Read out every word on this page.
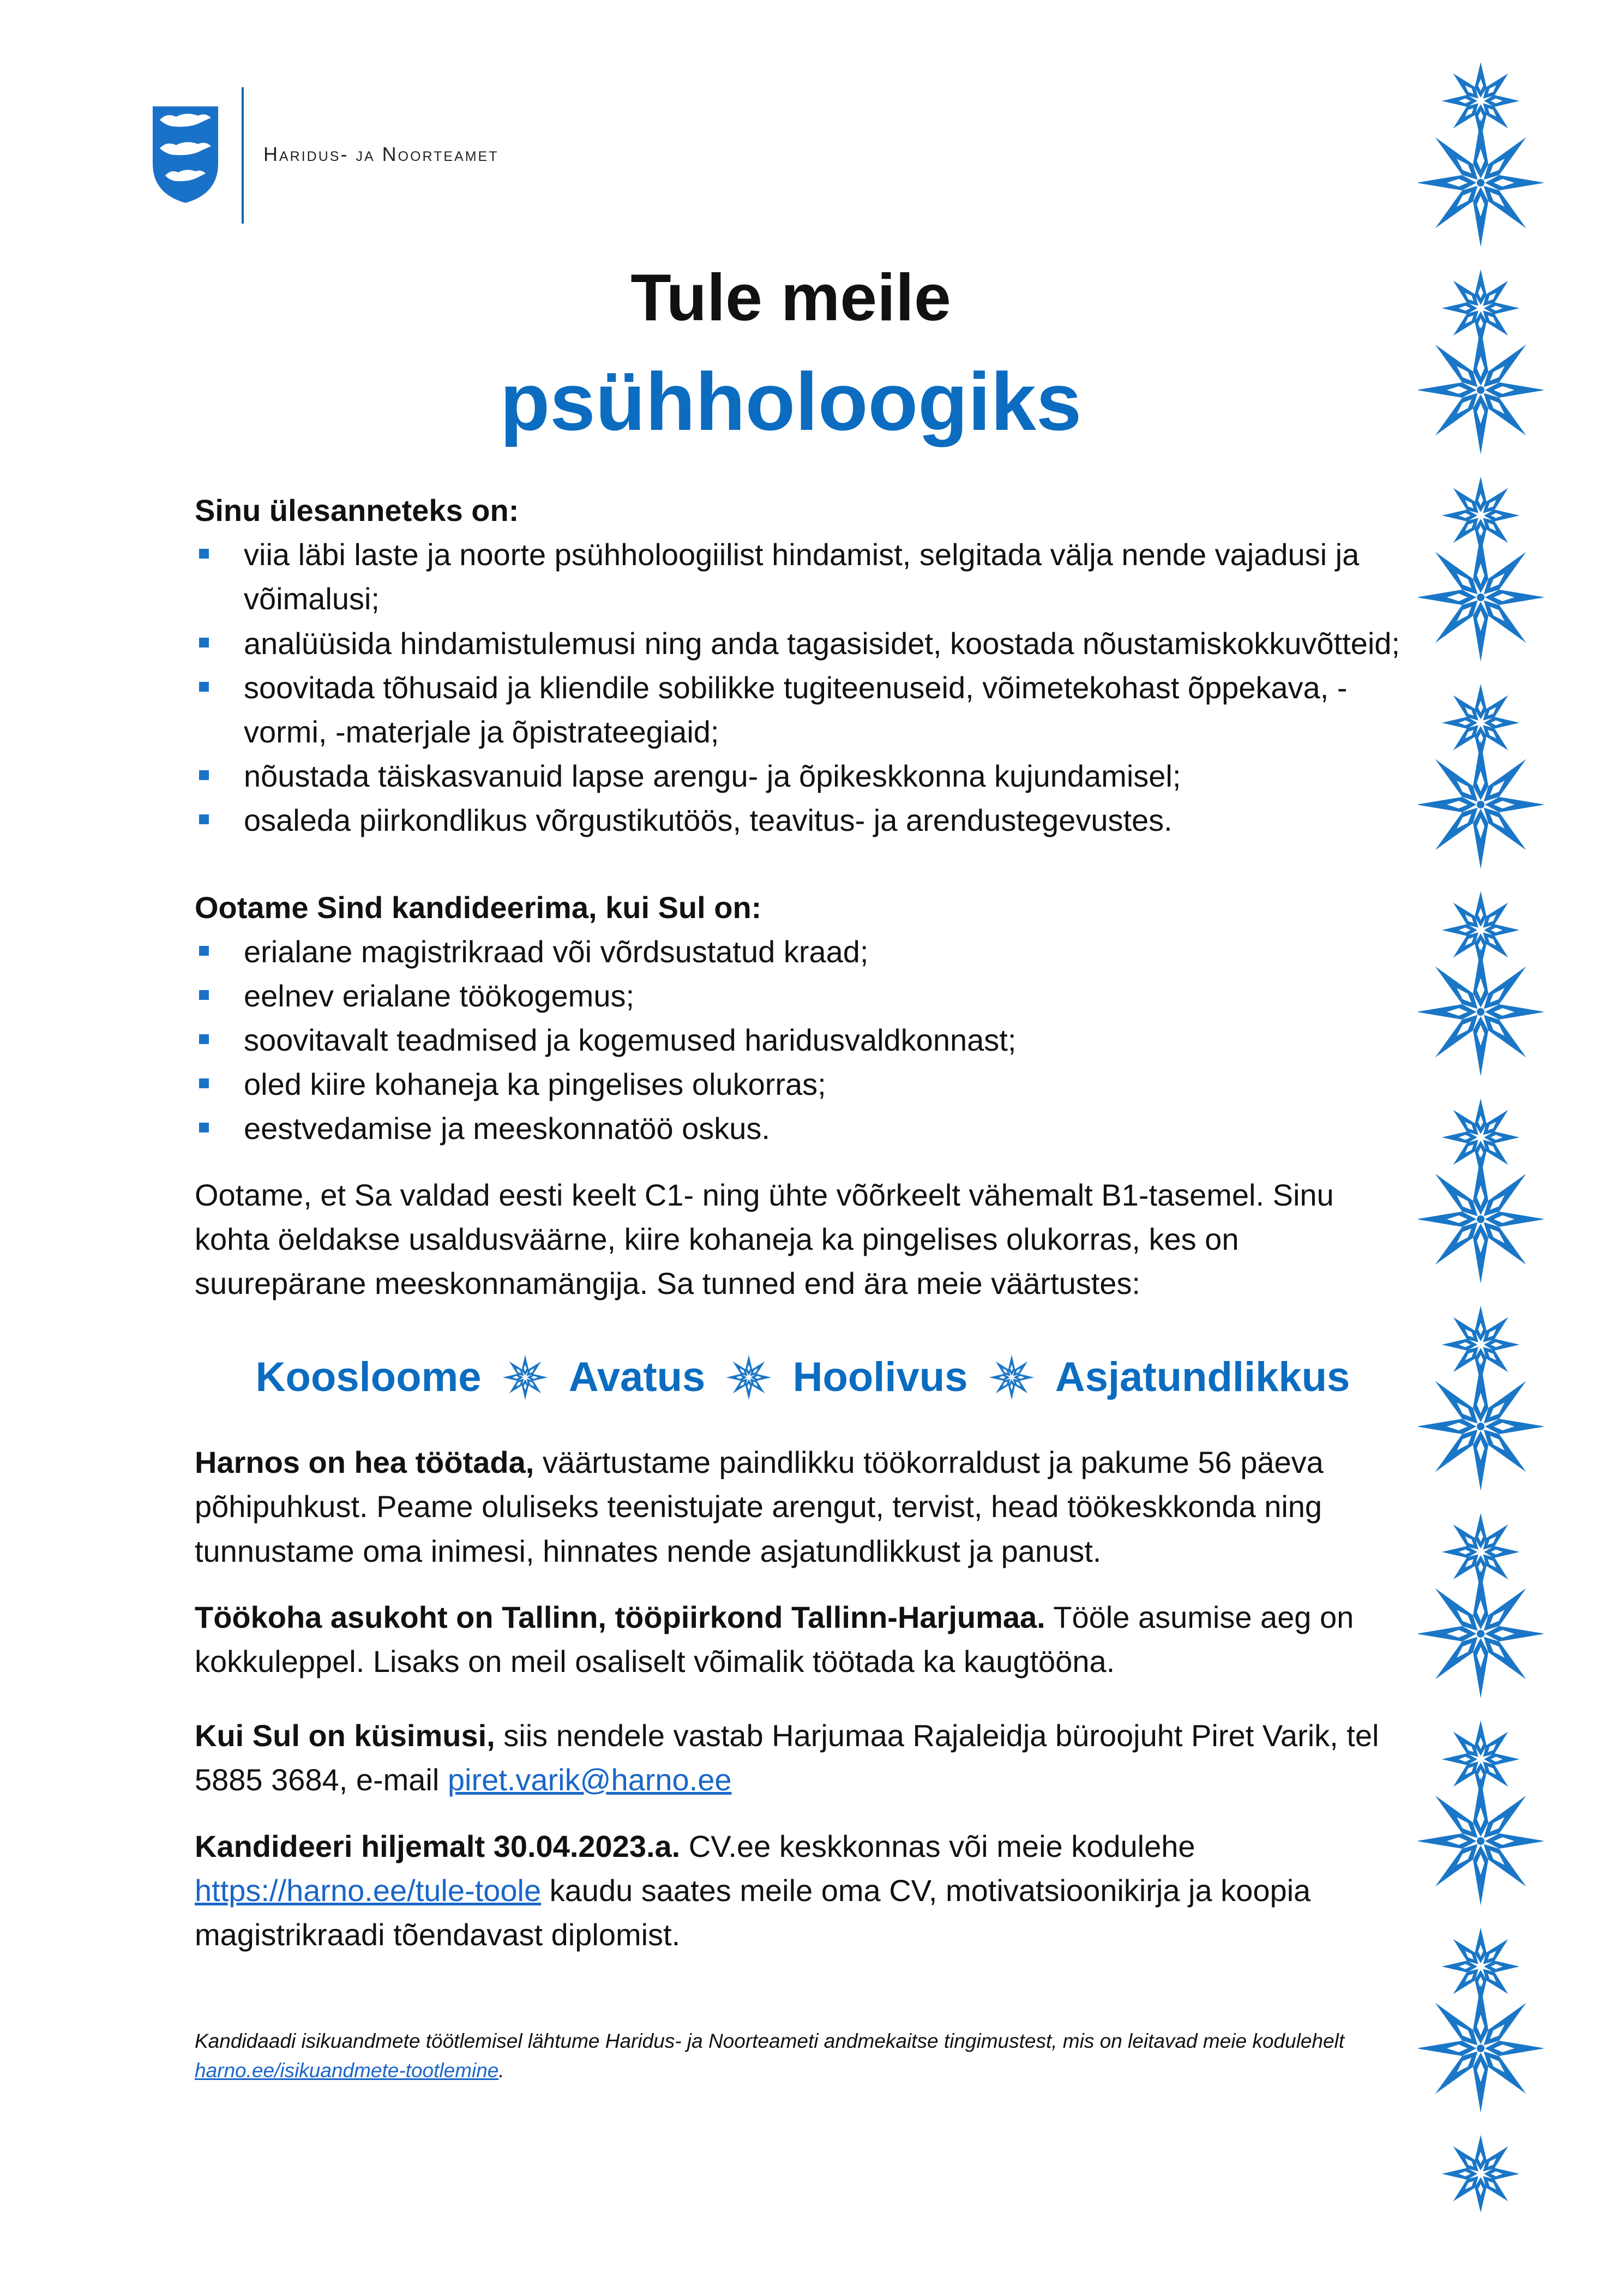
Haridus- ja Noorteamet
Tule meile
psühholoogiks

Sinu ülesanneteks on:

viia läbi laste ja noorte psühholoogiilist hindamist, selgitada välja nende vajadusi ja võimalusi;
analüüsida hindamistulemusi ning anda tagasisidet, koostada nõustamiskokkuvõtteid;
soovitada tõhusaid ja kliendile sobilikke tugiteenuseid, võimetekohast õppekava, -vormi, -materjale ja õpistrateegiaid;
nõustada täiskasvanuid lapse arengu- ja õpikeskkonna kujundamisel;
osaleda piirkondlikus võrgustikutöös, teavitus- ja arendustegevustes.

Ootame Sind kandideerima, kui Sul on:

erialane magistrikraad või võrdsustatud kraad;
eelnev erialane töökogemus;
soovitavalt teadmised ja kogemused haridusvaldkonnast;
oled kiire kohaneja ka pingelises olukorras;
eestvedamise ja meeskonnatöö oskus.

Ootame, et Sa valdad eesti keelt C1- ning ühte võõrkeelt vähemalt B1-tasemel. Sinu kohta öeldakse usaldusväärne, kiire kohaneja ka pingelises olukorras, kes on suurepärane meeskonnamängija. Sa tunned end ära meie väärtustes:

Koosloome Avatus Hoolivus Asjatundlikkus

Harnos on hea töötada, väärtustame paindlikku töökorraldust ja pakume 56 päeva põhipuhkust. Peame oluliseks teenistujate arengut, tervist, head töökeskkonda ning tunnustame oma inimesi, hinnates nende asjatundlikkust ja panust.

Töökoha asukoht on Tallinn, tööpiirkond Tallinn-Harjumaa. Tööle asumise aeg on kokkuleppel. Lisaks on meil osaliselt võimalik töötada ka kaugtööna.

Kui Sul on küsimusi, siis nendele vastab Harjumaa Rajaleidja büroojuht Piret Varik, tel 5885 3684, e-mail piret.varik@harno.ee

Kandideeri hiljemalt 30.04.2023.a. CV.ee keskkonnas või meie kodulehe https://harno.ee/tule-toole kaudu saates meile oma CV, motivatsioonikirja ja koopia magistrikraadi tõendavast diplomist.

Kandidaadi isikuandmete töötlemisel lähtume Haridus- ja Noorteameti andmekaitse tingimustest, mis on leitavad meie kodulehelt harno.ee/isikuandmete-tootlemine.
